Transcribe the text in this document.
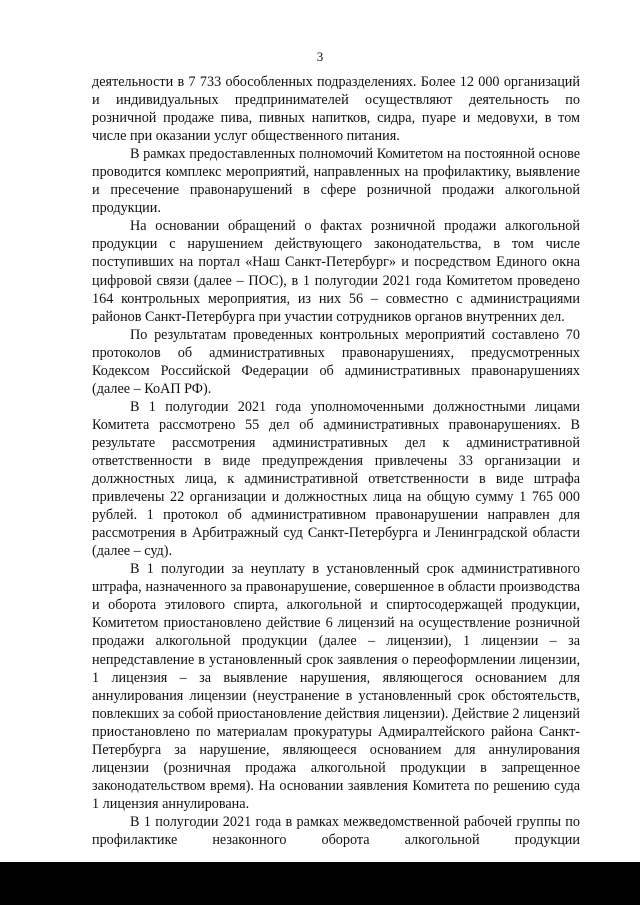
3

деятельности в 7 733 обособленных подразделениях. Более 12 000 организаций и индивидуальных предпринимателей осуществляют деятельность по розничной продаже пива, пивных напитков, сидра, пуаре и медовухи, в том числе при оказании услуг общественного питания.

В рамках предоставленных полномочий Комитетом на постоянной основе проводится комплекс мероприятий, направленных на профилактику, выявление и пресечение правонарушений в сфере розничной продажи алкогольной продукции.

На основании обращений о фактах розничной продажи алкогольной продукции с нарушением действующего законодательства, в том числе поступивших на портал «Наш Санкт-Петербург» и посредством Единого окна цифровой связи (далее – ПОС), в 1 полугодии 2021 года Комитетом проведено 164 контрольных мероприятия, из них 56 – совместно с администрациями районов Санкт-Петербурга при участии сотрудников органов внутренних дел.

По результатам проведенных контрольных мероприятий составлено 70 протоколов об административных правонарушениях, предусмотренных Кодексом Российской Федерации об административных правонарушениях (далее – КоАП РФ).

В 1 полугодии 2021 года уполномоченными должностными лицами Комитета рассмотрено 55 дел об административных правонарушениях. В результате рассмотрения административных дел к административной ответственности в виде предупреждения привлечены 33 организации и должностных лица, к административной ответственности в виде штрафа привлечены 22 организации и должностных лица на общую сумму 1 765 000 рублей. 1 протокол об административном правонарушении направлен для рассмотрения в Арбитражный суд Санкт-Петербурга и Ленинградской области (далее – суд).

В 1 полугодии за неуплату в установленный срок административного штрафа, назначенного за правонарушение, совершенное в области производства и оборота этилового спирта, алкогольной и спиртосодержащей продукции, Комитетом приостановлено действие 6 лицензий на осуществление розничной продажи алкогольной продукции (далее – лицензии), 1 лицензии – за непредставление в установленный срок заявления о переоформлении лицензии, 1 лицензия – за выявление нарушения, являющегося основанием для аннулирования лицензии (неустранение в установленный срок обстоятельств, повлекших за собой приостановление действия лицензии). Действие 2 лицензий приостановлено по материалам прокуратуры Адмиралтейского района Санкт-Петербурга за нарушение, являющееся основанием для аннулирования лицензии (розничная продажа алкогольной продукции в запрещенное законодательством время). На основании заявления Комитета по решению суда 1 лицензия аннулирована.

В 1 полугодии 2021 года в рамках межведомственной рабочей группы по профилактике незаконного оборота алкогольной продукции
